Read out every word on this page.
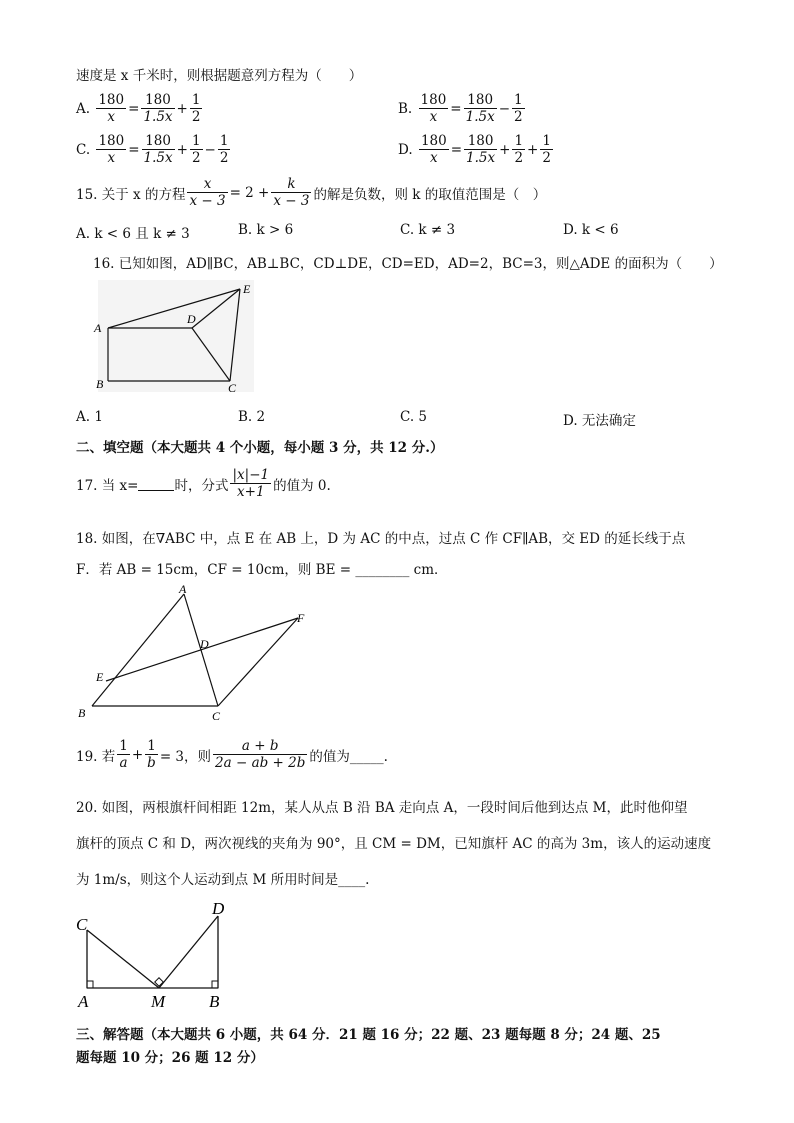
速度是 x 千米时，则根据题意列方程为（　　）
A.
$\frac{180}{x} = \frac{180}{1.5x} + \frac{1}{2}$	B.
$\frac{180}{x} = \frac{180}{1.5x} - \frac{1}{2}$
C.
$\frac{180}{x} = \frac{180}{1.5x} + \frac{1}{2} - \frac{1}{2}$	D.
$\frac{180}{x} = \frac{180}{1.5x} + \frac{1}{2} + \frac{1}{2}$
15. 关于 x 的方程 $\frac{x}{x - 3} = 2 + \frac{k}{x - 3}$ 的解是负数，则 k 的取值范围是（　）
A. k < 6 且 k ≠ 3	B. k > 6	C. k ≠ 3	D. k < 6
16. 已知如图，AD∥BC，AB⊥BC，CD⊥DE，CD=ED，AD=2，BC=3，则△ADE 的面积为（　　）
A
B	C
D
E
A. 1	B. 2	C. 5	D. 无法确定
二、填空题（本大题共 4 个小题，每小题 3 分，共 12 分.）
17. 当 x=	时，分式 $\frac{|x|-1}{x+1}$ 的值为 0.
18. 如图，在∇ABC 中，点 E 在 AB 上，D 为 AC 的中点，过点 C 作 CF∥AB，交 ED 的延长线于点
F．若 AB = 15cm，CF = 10cm，则 BE = ________ cm．
A
B	C
D
E
F
19. 若 $\frac{1}{a} + \frac{1}{b} = 3$，则 $\frac{a + b}{2a - ab + 2b}$ 的值为_____.
20. 如图，两根旗杆间相距 12m，某人从点 B 沿 BA 走向点 A，一段时间后他到达点 M，此时他仰望
旗杆的顶点 C 和 D，两次视线的夹角为 90°，且 CM = DM，已知旗杆 AC 的高为 3m，该人的运动速度
为 1m/s，则这个人运动到点 M 所用时间是____.
C
D
A	M	B
三、解答题（本大题共 6 小题，共 64 分．21 题 16 分；22 题、23 题每题 8 分；24 题、25
题每题 10 分；26 题 12 分）
